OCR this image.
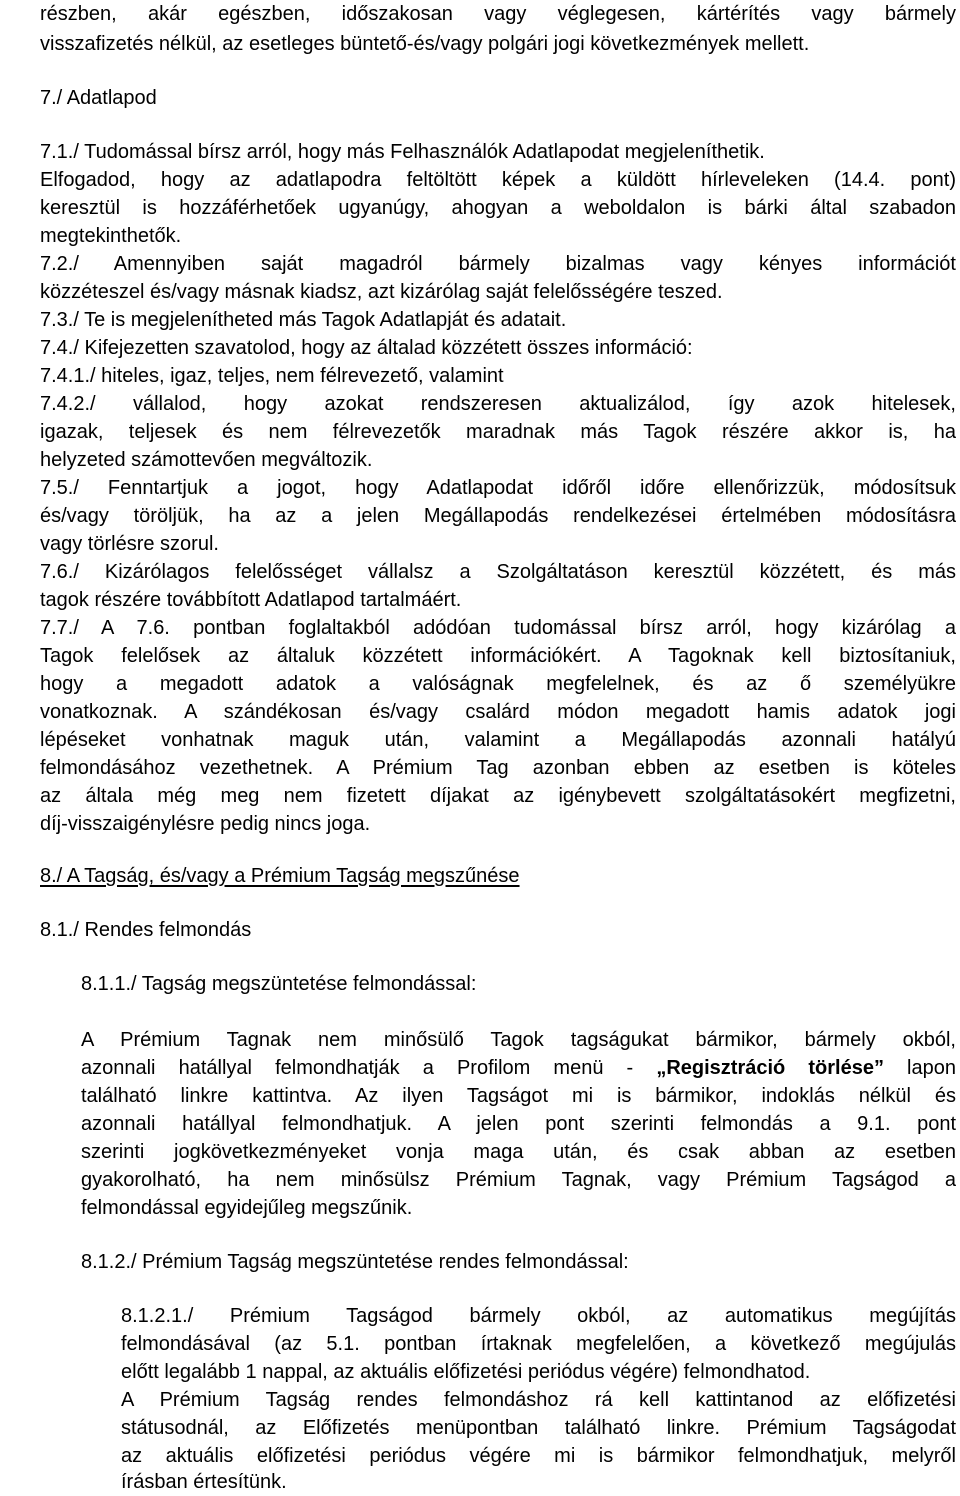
részben, akár egészben, időszakosan vagy véglegesen, kártérítés vagy bármely
visszafizetés nélkül, az esetleges büntető-és/vagy polgári jogi következmények mellett.
7./ Adatlapod
7.1./ Tudomással bírsz arról, hogy más Felhasználók Adatlapodat megjeleníthetik.
Elfogadod, hogy az adatlapodra feltöltött képek a küldött hírleveleken (14.4. pont)
keresztül is hozzáférhetőek ugyanúgy, ahogyan a weboldalon is bárki által szabadon
megtekinthetők.
7.2./ Amennyiben saját magadról bármely bizalmas vagy kényes információt
közzéteszel és/vagy másnak kiadsz, azt kizárólag saját felelősségére teszed.
7.3./ Te is megjelenítheted más Tagok Adatlapját és adatait.
7.4./ Kifejezetten szavatolod, hogy az általad közzétett összes információ:
7.4.1./ hiteles, igaz, teljes, nem félrevezető, valamint
7.4.2./ vállalod, hogy azokat rendszeresen aktualizálod, így azok hitelesek,
igazak, teljesek és nem félrevezetők maradnak más Tagok részére akkor is, ha
helyzeted számottevően megváltozik.
7.5./ Fenntartjuk a jogot, hogy Adatlapodat időről időre ellenőrizzük, módosítsuk
és/vagy töröljük, ha az a jelen Megállapodás rendelkezései értelmében módosításra
vagy törlésre szorul.
7.6./ Kizárólagos felelősséget vállalsz a Szolgáltatáson keresztül közzétett, és más
tagok részére továbbított Adatlapod tartalmáért.
7.7./ A 7.6. pontban foglaltakból adódóan tudomással bírsz arról, hogy kizárólag a
Tagok felelősek az általuk közzétett információkért. A Tagoknak kell biztosítaniuk,
hogy a megadott adatok a valóságnak megfelelnek, és az ő személyükre
vonatkoznak. A szándékosan és/vagy csalárd módon megadott hamis adatok jogi
lépéseket vonhatnak maguk után, valamint a Megállapodás azonnali hatályú
felmondásához vezethetnek. A Prémium Tag azonban ebben az esetben is köteles
az általa még meg nem fizetett díjakat az igénybevett szolgáltatásokért megfizetni,
díj-visszaigénylésre pedig nincs joga.
8./ A Tagság, és/vagy a Prémium Tagság megszűnése
8.1./ Rendes felmondás
8.1.1./ Tagság megszüntetése felmondással:
A Prémium Tagnak nem minősülő Tagok tagságukat bármikor, bármely okból,
azonnali hatállyal felmondhatják a Profilom menü - „Regisztráció törlése” lapon
található linkre kattintva. Az ilyen Tagságot mi is bármikor, indoklás nélkül és
azonnali hatállyal felmondhatjuk. A jelen pont szerinti felmondás a 9.1. pont
szerinti jogkövetkezményeket vonja maga után, és csak abban az esetben
gyakorolható, ha nem minősülsz Prémium Tagnak, vagy Prémium Tagságod a
felmondással egyidejűleg megszűnik.
8.1.2./ Prémium Tagság megszüntetése rendes felmondással:
8.1.2.1./ Prémium Tagságod bármely okból, az automatikus megújítás
felmondásával (az 5.1. pontban írtaknak megfelelően, a következő megújulás
előtt legalább 1 nappal, az aktuális előfizetési periódus végére) felmondhatod.
A Prémium Tagság rendes felmondáshoz rá kell kattintanod az előfizetési
státusodnál, az Előfizetés menüpontban található linkre. Prémium Tagságodat
az aktuális előfizetési periódus végére mi is bármikor felmondhatjuk, melyről
írásban értesítünk.
